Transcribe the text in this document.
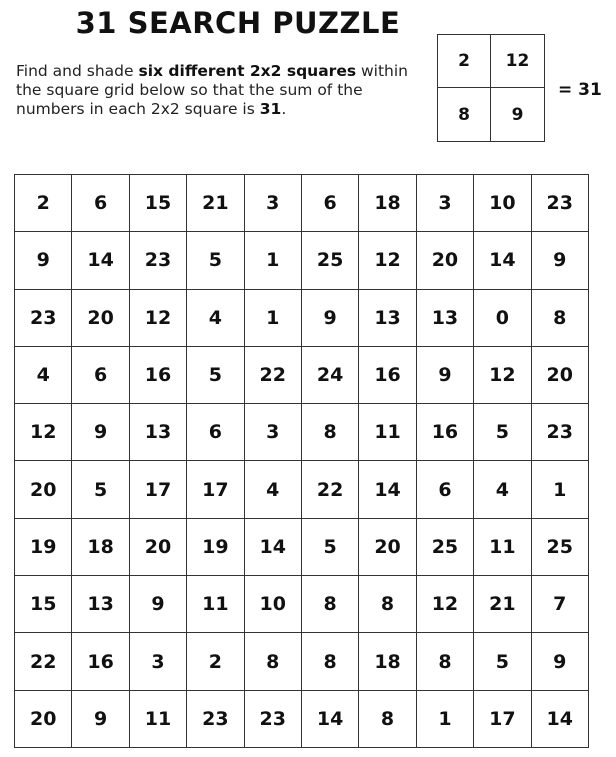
31 SEARCH PUZZLE
Find and shade six different 2x2 squares within the square grid below so that the sum of the numbers in each 2x2 square is 31.
2	12
8	9
= 31
2	6	15	21	3	6	18	3	10	23
9	14	23	5	1	25	12	20	14	9
23	20	12	4	1	9	13	13	0	8
4	6	16	5	22	24	16	9	12	20
12	9	13	6	3	8	11	16	5	23
20	5	17	17	4	22	14	6	4	1
19	18	20	19	14	5	20	25	11	25
15	13	9	11	10	8	8	12	21	7
22	16	3	2	8	8	18	8	5	9
20	9	11	23	23	14	8	1	17	14
